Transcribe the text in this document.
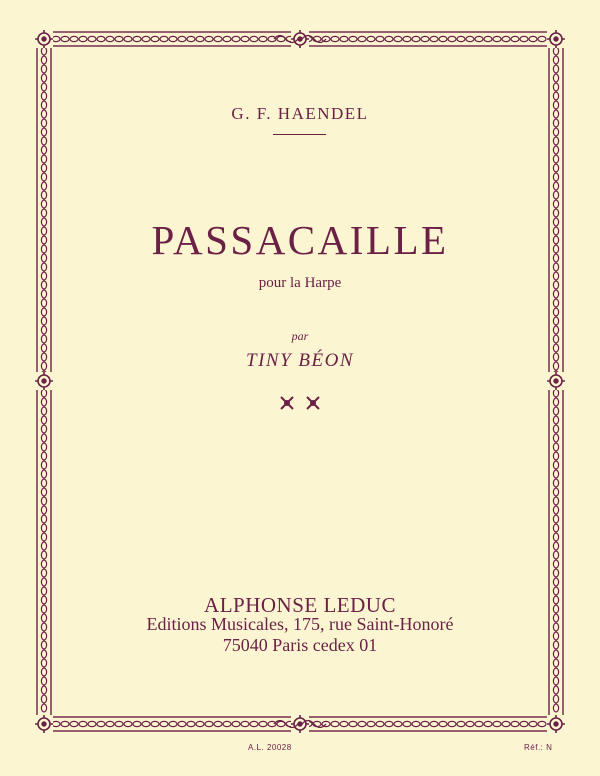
G. F. HAENDEL
PASSACAILLE
pour la Harpe
par
TINY BÉON
ALPHONSE LEDUC
Editions Musicales, 175, rue Saint-Honoré
75040 Paris cedex 01
A.L. 20028	Réf.: N
